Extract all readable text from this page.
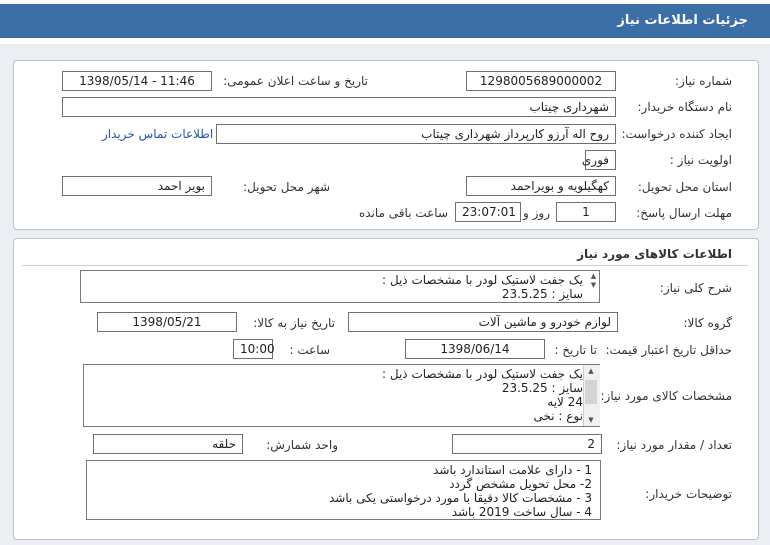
جزئیات اطلاعات نیاز
شماره نیاز:
1298005689000002
تاریخ و ساعت اعلان عمومی:
1398/05/14 - 11:46
نام دستگاه خریدار:
شهرداری چیتاب
ایجاد کننده درخواست:
روح اله آرزو کارپرداز شهرداری چیتاب
اطلاعات تماس خریدار
اولویت نیاز :
فوری
استان محل تحویل:
کهگیلویه و بویراحمد
شهر محل تحویل:
بویر احمد
مهلت ارسال پاسخ:
1
روز و
23:07:01
ساعت باقی مانده
اطلاعات کالاهای مورد نیاز
شرح کلی نیاز:
یک جفت لاستیک لودر با مشخصات ذیل :
سایز : 23.5.25
▲
▼
گروه کالا:
لوازم خودرو و ماشین آلات
تاریخ نیاز به کالا:
1398/05/21
حداقل تاریخ اعتبار قیمت:
تا تاریخ :
1398/06/14
ساعت :
10:00
مشخصات کالای مورد نیاز:
یک جفت لاستیک لودر با مشخصات ذیل :
سایز : 23.5.25
24 لایه
نوع : نخی
▲
▼
تعداد / مقدار مورد نیاز:
2
واحد شمارش:
حلقه
توضیحات خریدار:
1 - دارای علامت استاندارد باشد
2- محل تحویل مشخص گردد
3 - مشخصات کالا دقیقا با مورد درخواستی یکی باشد
4 - سال ساخت 2019 باشد
